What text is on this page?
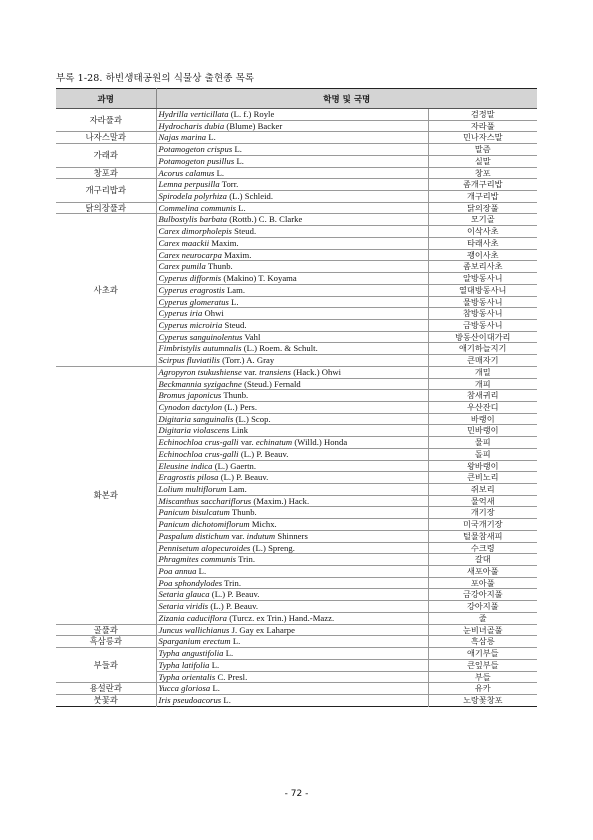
부록 1-28. 하빈생태공원의 식물상 출현종 목록
과명	학명 및 국명	
자라풀과	Hydrilla verticillata (L. f.) Royle	검정말
	Hydrocharis dubia (Blume) Backer	자라풀
나자스말과	Najas marina L.	민나자스말
가래과	Potamogeton crispus L.	말즘
	Potamogeton pusillus L.	실말
창포과	Acorus calamus L.	창포
개구리밥과	Lemna perpusilla Torr.	좀개구리밥
	Spirodela polyrhiza (L.) Schleid.	개구리밥
닭의장풀과	Commelina communis L.	닭의장풀
사초과	Bulbostylis barbata (Rottb.) C. B. Clarke	모기골
	Carex dimorpholepis Steud.	이삭사초
	Carex maackii Maxim.	타래사초
	Carex neurocarpa Maxim.	괭이사초
	Carex pumila Thunb.	좀보리사초
	Cyperus difformis (Makino) T. Koyama	알방동사니
	Cyperus eragrostis Lam.	열대방동사니
	Cyperus glomeratus L.	물방동사니
	Cyperus iria Ohwi	참방동사니
	Cyperus microiria Steud.	금방동사니
	Cyperus sanguinolentus Vahl	방동산이대가리
	Fimbristylis autumnalis (L.) Roem. & Schult.	애기하늘지기
	Scirpus fluviatilis (Torr.) A. Gray	큰매자기
화본과	Agropyron tsukushiense var. transiens (Hack.) Ohwi	개밀
	Beckmannia syzigachne (Steud.) Fernald	개피
	Bromus japonicus Thunb.	참새귀리
	Cynodon dactylon (L.) Pers.	우산잔디
	Digitaria sanguinalis (L.) Scop.	바랭이
	Digitaria violascens Link	민바랭이
	Echinochloa crus-galli var. echinatum (Willd.) Honda	물피
	Echinochloa crus-galli (L.) P. Beauv.	돌피
	Eleusine indica (L.) Gaertn.	왕바랭이
	Eragrostis pilosa (L.) P. Beauv.	큰비노리
	Lolium multiflorum Lam.	쥐보리
	Miscanthus sacchariflorus (Maxim.) Hack.	물억새
	Panicum bisulcatum Thunb.	개기장
	Panicum dichotomiflorum Michx.	미국개기장
	Paspalum distichum var. indutum Shinners	털물참새피
	Pennisetum alopecuroides (L.) Spreng.	수크령
	Phragmites communis Trin.	갈대
	Poa annua L.	새포아풀
	Poa sphondylodes Trin.	포아풀
	Setaria glauca (L.) P. Beauv.	금강아지풀
	Setaria viridis (L.) P. Beauv.	강아지풀
	Zizania caduciflora (Turcz. ex Trin.) Hand.-Mazz.	줄
골풀과	Juncus wallichianus J. Gay ex Laharpe	눈비녀골풀
흑삼릉과	Sparganium erectum L.	흑삼릉
부들과	Typha angustifolia L.	애기부들
	Typha latifolia L.	큰잎부들
	Typha orientalis C. Presl.	부들
용설란과	Yucca gloriosa L.	유카
붓꽃과	Iris pseudoacorus L.	노랑꽃창포
- 72 -
